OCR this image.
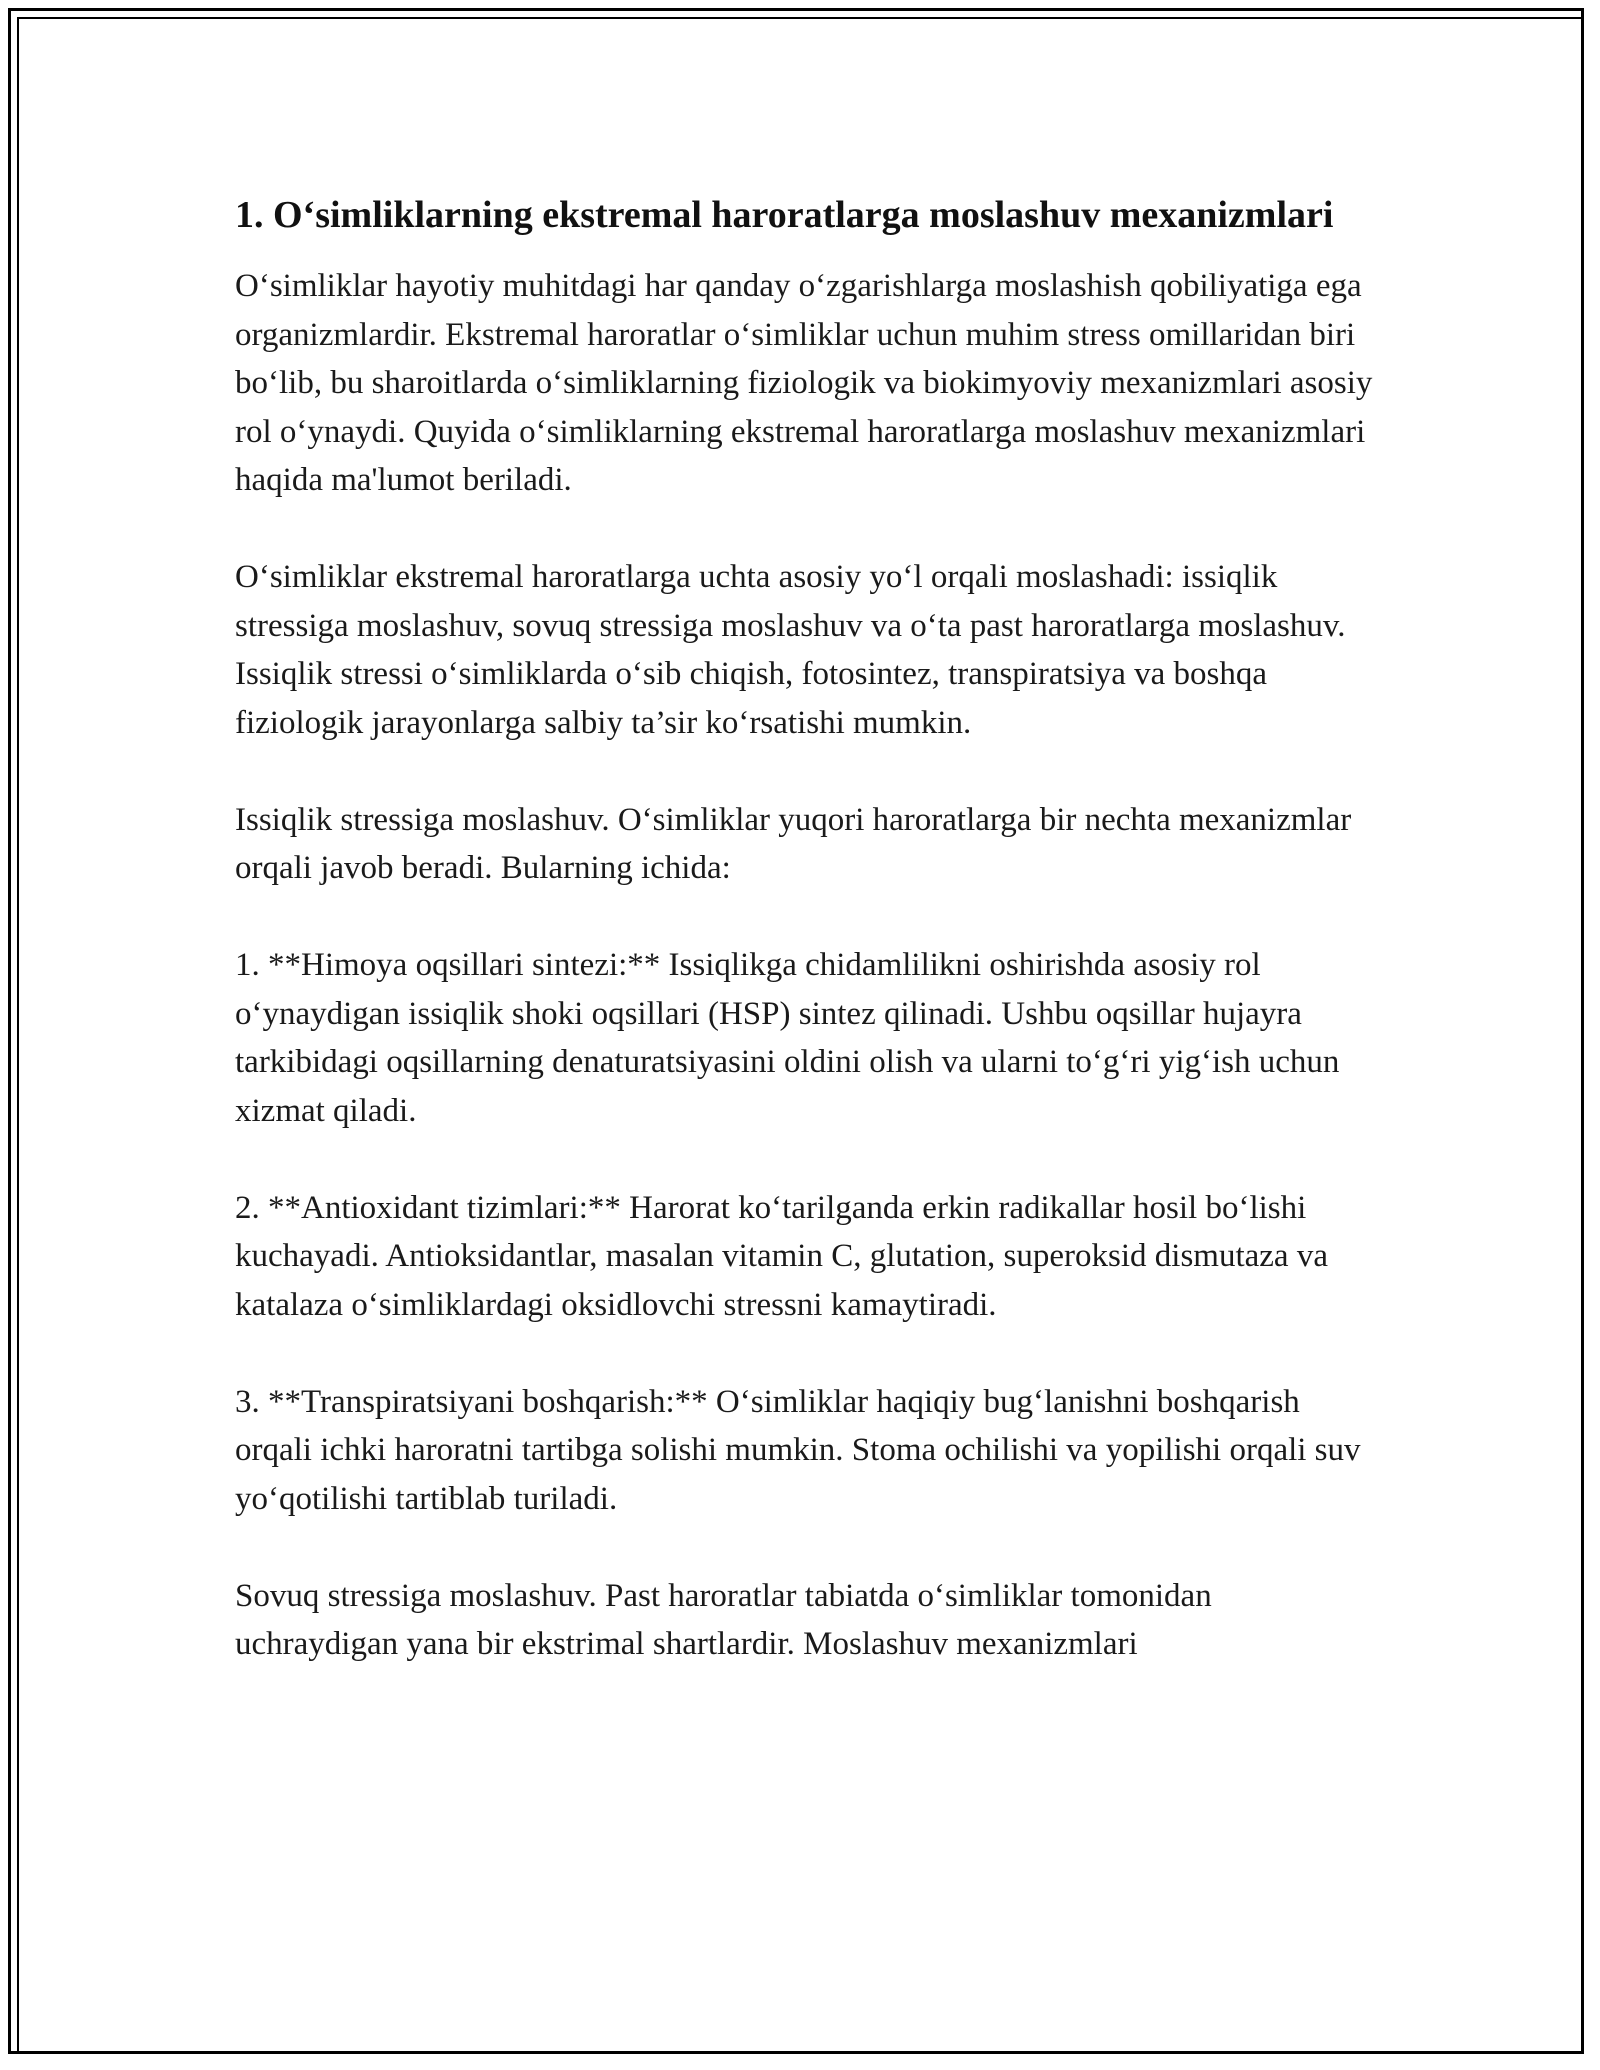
1. O‘simliklarning ekstremal haroratlarga moslashuv mexanizmlari

O‘simliklar hayotiy muhitdagi har qanday o‘zgarishlarga moslashish qobiliyatiga ega organizmlardir. Ekstremal haroratlar o‘simliklar uchun muhim stress omillaridan biri bo‘lib, bu sharoitlarda o‘simliklarning fiziologik va biokimyoviy mexanizmlari asosiy rol o‘ynaydi. Quyida o‘simliklarning ekstremal haroratlarga moslashuv mexanizmlari haqida ma'lumot beriladi.

O‘simliklar ekstremal haroratlarga uchta asosiy yo‘l orqali moslashadi: issiqlik stressiga moslashuv, sovuq stressiga moslashuv va o‘ta past haroratlarga moslashuv. Issiqlik stressi o‘simliklarda o‘sib chiqish, fotosintez, transpiratsiya va boshqa fiziologik jarayonlarga salbiy ta’sir ko‘rsatishi mumkin.

Issiqlik stressiga moslashuv. O‘simliklar yuqori haroratlarga bir nechta mexanizmlar orqali javob beradi. Bularning ichida:

1. **Himoya oqsillari sintezi:** Issiqlikga chidamlilikni oshirishda asosiy rol o‘ynaydigan issiqlik shoki oqsillari (HSP) sintez qilinadi. Ushbu oqsillar hujayra tarkibidagi oqsillarning denaturatsiyasini oldini olish va ularni to‘g‘ri yig‘ish uchun xizmat qiladi.

2. **Antioxidant tizimlari:** Harorat ko‘tarilganda erkin radikallar hosil bo‘lishi kuchayadi. Antioksidantlar, masalan vitamin C, glutation, superoksid dismutaza va katalaza o‘simliklardagi oksidlovchi stressni kamaytiradi.

3. **Transpiratsiyani boshqarish:** O‘simliklar haqiqiy bug‘lanishni boshqarish orqali ichki haroratni tartibga solishi mumkin. Stoma ochilishi va yopilishi orqali suv yo‘qotilishi tartiblab turiladi.

Sovuq stressiga moslashuv. Past haroratlar tabiatda o‘simliklar tomonidan uchraydigan yana bir ekstrimal shartlardir. Moslashuv mexanizmlari
